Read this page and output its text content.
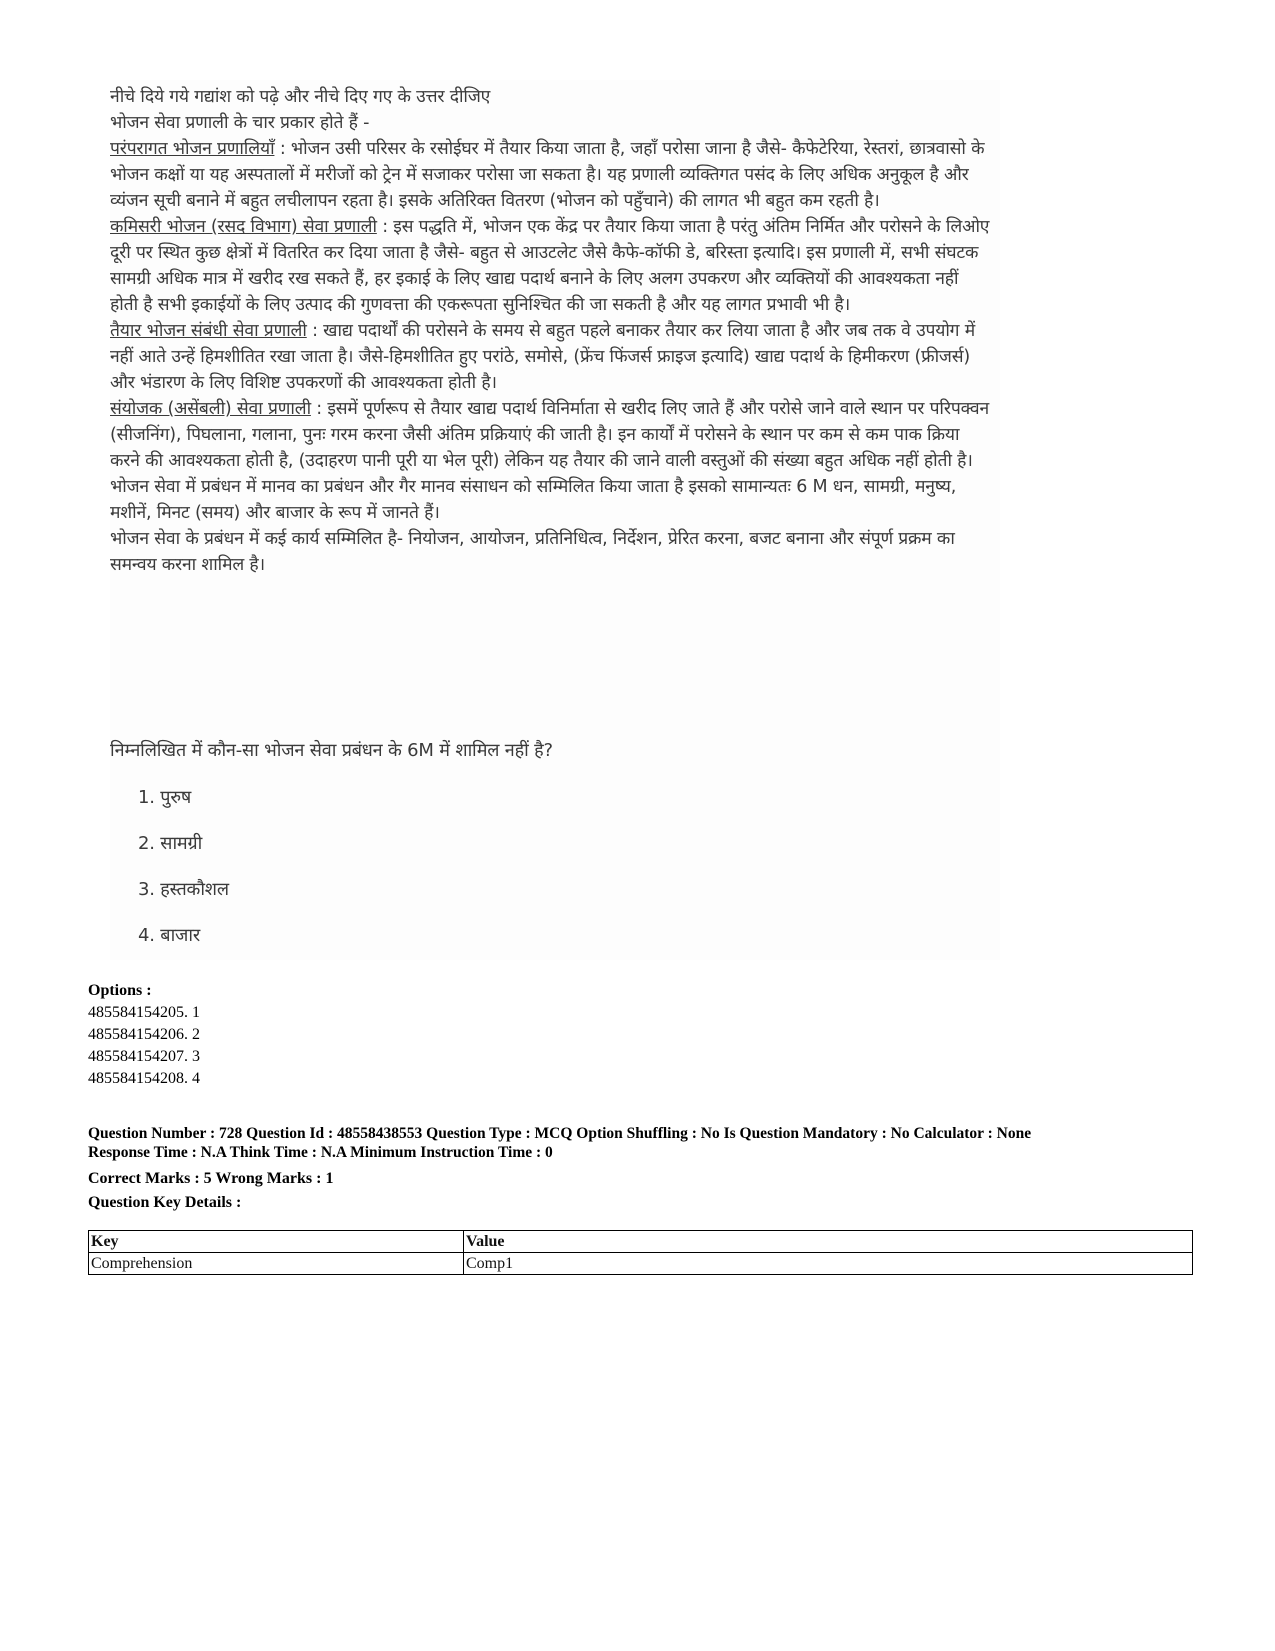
नीचे दिये गये गद्यांश को पढ़े और नीचे दिए गए के उत्तर दीजिए

भोजन सेवा प्रणाली के चार प्रकार होते हैं -

परंपरागत भोजन प्रणालियाँ : भोजन उसी परिसर के रसोईघर में तैयार किया जाता है, जहाँ परोसा जाना है जैसे- कैफेटेरिया, रेस्तरां, छात्रवासो के भोजन कक्षों या यह अस्पतालों में मरीजों को ट्रेन में सजाकर परोसा जा सकता है। यह प्रणाली व्यक्तिगत पसंद के लिए अधिक अनुकूल है और व्यंजन सूची बनाने में बहुत लचीलापन रहता है। इसके अतिरिक्त वितरण (भोजन को पहुँचाने) की लागत भी बहुत कम रहती है।

कमिसरी भोजन (रसद विभाग) सेवा प्रणाली : इस पद्धति में, भोजन एक केंद्र पर तैयार किया जाता है परंतु अंतिम निर्मित और परोसने के लिओए दूरी पर स्थित कुछ क्षेत्रों में वितरित कर दिया जाता है जैसे- बहुत से आउटलेट जैसे कैफे-कॉफी डे, बरिस्ता इत्यादि। इस प्रणाली में, सभी संघटक सामग्री अधिक मात्र में खरीद रख सकते हैं, हर इकाई के लिए खाद्य पदार्थ बनाने के लिए अलग उपकरण और व्यक्तियों की आवश्यकता नहीं होती है सभी इकाईयों के लिए उत्पाद की गुणवत्ता की एकरूपता सुनिश्चित की जा सकती है और यह लागत प्रभावी भी है।

तैयार भोजन संबंधी सेवा प्रणाली : खाद्य पदार्थों की परोसने के समय से बहुत पहले बनाकर तैयार कर लिया जाता है और जब तक वे उपयोग में नहीं आते उन्हें हिमशीतित रखा जाता है। जैसे-हिमशीतित हुए परांठे, समोसे, (फ्रेंच फिंजर्स फ्राइज इत्यादि) खाद्य पदार्थ के हिमीकरण (फ्रीजर्स) और भंडारण के लिए विशिष्ट उपकरणों की आवश्यकता होती है।

संयोजक (असेंबली) सेवा प्रणाली : इसमें पूर्णरूप से तैयार खाद्य पदार्थ विनिर्माता से खरीद लिए जाते हैं और परोसे जाने वाले स्थान पर परिपक्वन (सीजनिंग), पिघलाना, गलाना, पुनः गरम करना जैसी अंतिम प्रक्रियाएं की जाती है। इन कार्यों में परोसने के स्थान पर कम से कम पाक क्रिया करने की आवश्यकता होती है, (उदाहरण पानी पूरी या भेल पूरी) लेकिन यह तैयार की जाने वाली वस्तुओं की संख्या बहुत अधिक नहीं होती है। भोजन सेवा में प्रबंधन में मानव का प्रबंधन और गैर मानव संसाधन को सम्मिलित किया जाता है इसको सामान्यतः 6 M धन, सामग्री, मनुष्य, मशीनें, मिनट (समय) और बाजार के रूप में जानते हैं।

भोजन सेवा के प्रबंधन में कई कार्य सम्मिलित है- नियोजन, आयोजन, प्रतिनिधित्व, निर्देशन, प्रेरित करना, बजट बनाना और संपूर्ण प्रक्रम का समन्वय करना शामिल है।

निम्नलिखित में कौन-सा भोजन सेवा प्रबंधन के 6M में शामिल नहीं है?

1. पुरुष

2. सामग्री

3. हस्तकौशल

4. बाजार

Options :
485584154205. 1
485584154206. 2
485584154207. 3
485584154208. 4
Question Number : 728 Question Id : 48558438553 Question Type : MCQ Option Shuffling : No Is Question Mandatory : No Calculator : None
Response Time : N.A Think Time : N.A Minimum Instruction Time : 0
Correct Marks : 5 Wrong Marks : 1
Question Key Details :
Key	Value
Comprehension	Comp1
